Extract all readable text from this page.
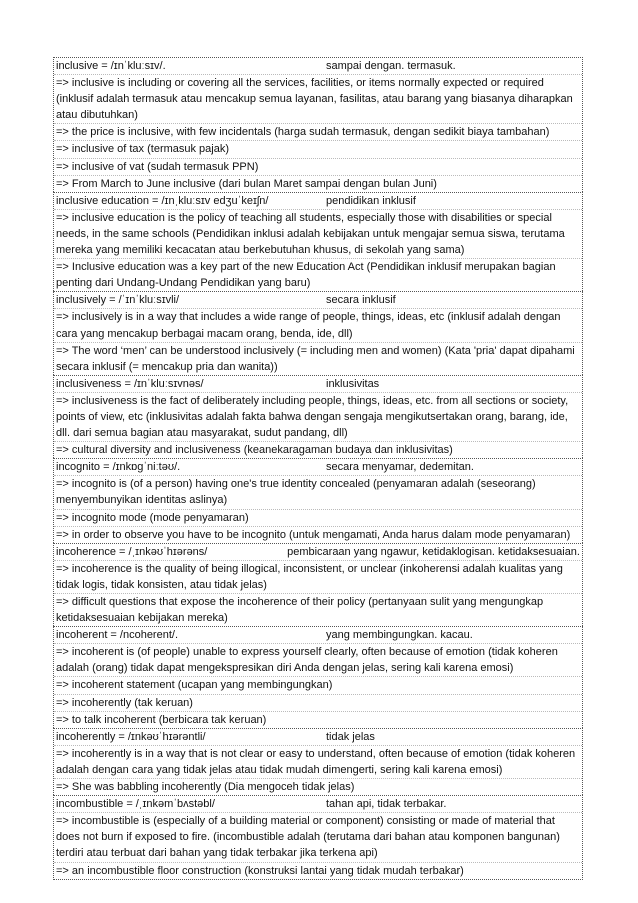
inclusive = /ɪnˈkluːsɪv/.	sampai dengan. termasuk.
=> inclusive is including or covering all the services, facilities, or items normally expected or required (inklusif adalah termasuk atau mencakup semua layanan, fasilitas, atau barang yang biasanya diharapkan atau dibutuhkan)
=> the price is inclusive, with few incidentals (harga sudah termasuk, dengan sedikit biaya tambahan)
=> inclusive of tax (termasuk pajak)
=> inclusive of vat (sudah termasuk PPN)
=> From March to June inclusive (dari bulan Maret sampai dengan bulan Juni)
inclusive education = /ɪnˌkluːsɪv edʒuˈkeɪʃn/	pendidikan inklusif
=> inclusive education is the policy of teaching all students, especially those with disabilities or special needs, in the same schools (Pendidikan inklusi adalah kebijakan untuk mengajar semua siswa, terutama mereka yang memiliki kecacatan atau berkebutuhan khusus, di sekolah yang sama)
=> Inclusive education was a key part of the new Education Act (Pendidikan inklusif merupakan bagian penting dari Undang-Undang Pendidikan yang baru)
inclusively = /ˈɪnˈkluːsɪvli/	secara inklusif
=> inclusively is in a way that includes a wide range of people, things, ideas, etc (inklusif adalah dengan cara yang mencakup berbagai macam orang, benda, ide, dll)
=> The word ‘men’ can be understood inclusively (= including men and women) (Kata 'pria' dapat dipahami secara inklusif (= mencakup pria dan wanita))
inclusiveness = /ɪnˈkluːsɪvnəs/	inklusivitas
=> inclusiveness is the fact of deliberately including people, things, ideas, etc. from all sections or society, points of view, etc (inklusivitas adalah fakta bahwa dengan sengaja mengikutsertakan orang, barang, ide, dll. dari semua bagian atau masyarakat, sudut pandang, dll)
=> cultural diversity and inclusiveness (keanekaragaman budaya dan inklusivitas)
incognito = /ɪnkɒɡˈniːtəʊ/.	secara menyamar, dedemitan.
=> incognito is (of a person) having one's true identity concealed (penyamaran adalah (seseorang) menyembunyikan identitas aslinya)
=> incognito mode (mode penyamaran)
=> in order to observe you have to be incognito (untuk mengamati, Anda harus dalam mode penyamaran)
incoherence = /ˌɪnkəʊˈhɪərəns/	pembicaraan yang ngawur, ketidaklogisan. ketidaksesuaian.
=> incoherence is the quality of being illogical, inconsistent, or unclear (inkoherensi adalah kualitas yang tidak logis, tidak konsisten, atau tidak jelas)
=> difficult questions that expose the incoherence of their policy (pertanyaan sulit yang mengungkap ketidaksesuaian kebijakan mereka)
incoherent = /ncoherent/.	yang membingungkan. kacau.
=> incoherent is (of people) unable to express yourself clearly, often because of emotion (tidak koheren adalah (orang) tidak dapat mengekspresikan diri Anda dengan jelas, sering kali karena emosi)
=> incoherent statement (ucapan yang membingungkan)
=> incoherently (tak keruan)
=> to talk incoherent (berbicara tak keruan)
incoherently = /ɪnkəʊˈhɪərəntli/	tidak jelas
=> incoherently is in a way that is not clear or easy to understand, often because of emotion (tidak koheren adalah dengan cara yang tidak jelas atau tidak mudah dimengerti, sering kali karena emosi)
=> She was babbling incoherently (Dia mengoceh tidak jelas)
incombustible = /ˌɪnkəmˈbʌstəbl/	tahan api, tidak terbakar.
=> incombustible is (especially of a building material or component) consisting or made of material that does not burn if exposed to fire. (incombustible adalah (terutama dari bahan atau komponen bangunan) terdiri atau terbuat dari bahan yang tidak terbakar jika terkena api)
=> an incombustible floor construction (konstruksi lantai yang tidak mudah terbakar)
